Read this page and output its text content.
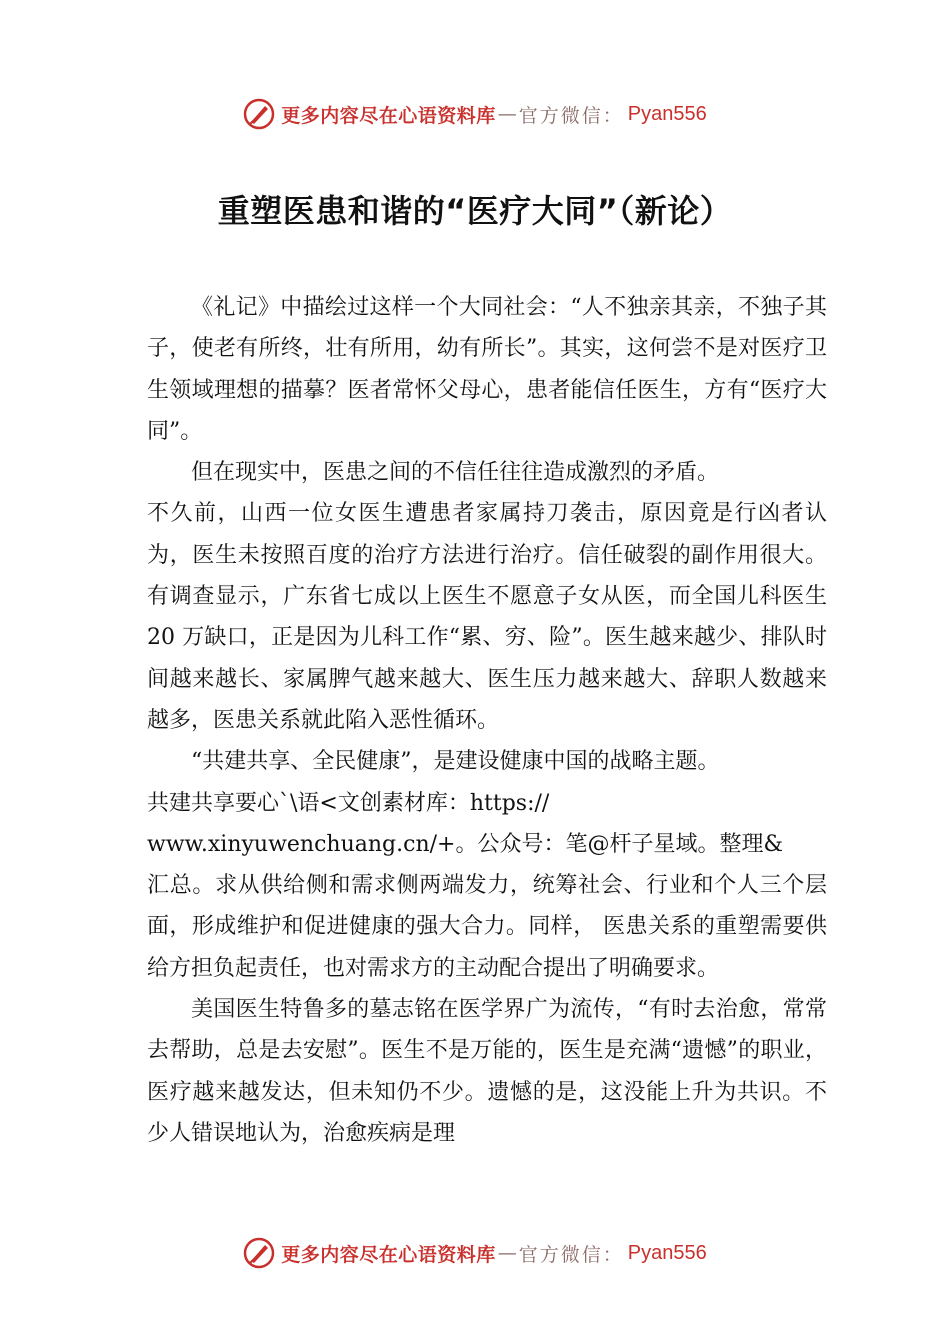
更多内容尽在心语资料库 — 官方微信： Pyan556
重塑医患和谐的“医疗大同”（新论）

《礼记》中描绘过这样一个大同社会：“人不独亲其亲，不独子其子，使老有所终，壮有所用，幼有所长”。其实，这何尝不是对医疗卫生领域理想的描摹？医者常怀父母心，患者能信任医生，方有“医疗大同”。

但在现实中，医患之间的不信任往往造成激烈的矛盾。

不久前，山西一位女医生遭患者家属持刀袭击，原因竟是行凶者认为，医生未按照百度的治疗方法进行治疗。信任破裂的副作用很大。有调查显示，广东省七成以上医生不愿意子女从医，而全国儿科医生 20 万缺口，正是因为儿科工作“累、穷、险”。医生越来越少、排队时间越来越长、家属脾气越来越大、医生压力越来越大、辞职人数越来越多，医患关系就此陷入恶性循环。

“共建共享、全民健康”，是建设健康中国的战略主题。

共建共享要心`\语<文创素材库：https://

www.xinyuwenchuang.cn/+。公众号：笔@杆子星域。整理&

汇总。求从供给侧和需求侧两端发力，统筹社会、行业和个人三个层面，形成维护和促进健康的强大合力。同样， 医患关系的重塑需要供给方担负起责任，也对需求方的主动配合提出了明确要求。

美国医生特鲁多的墓志铭在医学界广为流传，“有时去治愈，常常去帮助，总是去安慰”。医生不是万能的，医生是充满“遗憾”的职业，医疗越来越发达，但未知仍不少。遗憾的是，这没能上升为共识。不少人错误地认为，治愈疾病是理

更多内容尽在心语资料库 — 官方微信： Pyan556
